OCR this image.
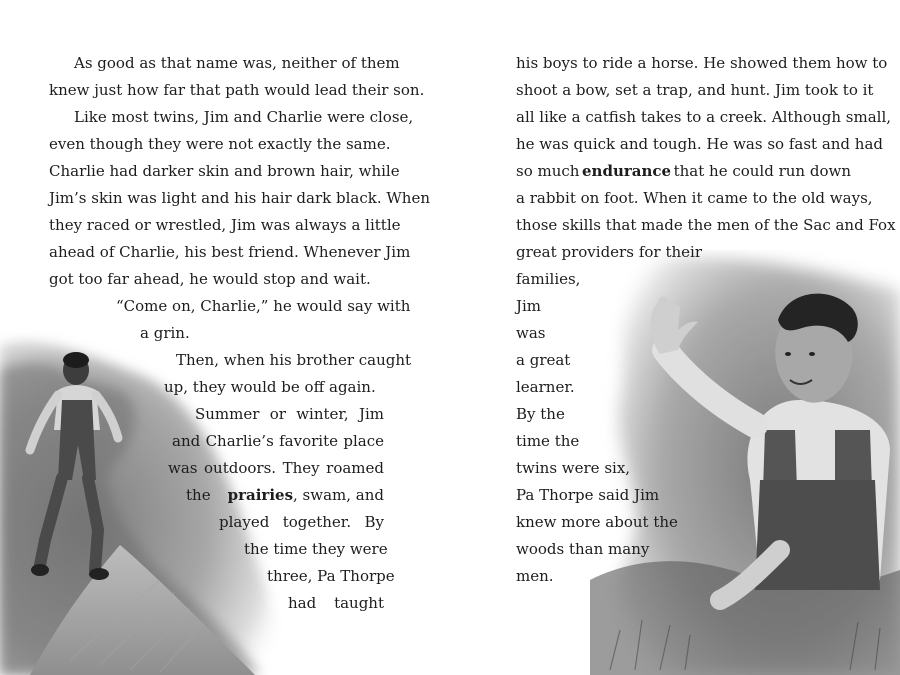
As good as that name was, neither of them
knew just how far that path would lead their son.
Like most twins, Jim and Charlie were close,
even though they were not exactly the same.
Charlie had darker skin and brown hair, while
Jim’s skin was light and his hair dark black. When
they raced or wrestled, Jim was always a little
ahead of Charlie, his best friend. Whenever Jim
got too far ahead, he would stop and wait.
“Come on, Charlie,” he would say with
a grin.
Then, when his brother caught
up, they would be off again.
Summer or winter, Jim
and Charlie’s favorite place
was outdoors. They roamed
the prairies, swam, and
played together. By
the time they were
three, Pa Thorpe
had taught
his boys to ride a horse. He showed them how to
shoot a bow, set a trap, and hunt. Jim took to it
all like a catfish takes to a creek. Although small,
he was quick and tough. He was so fast and had
so much endurance that he could run down
a rabbit on foot. When it came to the old ways,
those skills that made the men of the Sac and Fox
great providers for their
families,
Jim
was
a great
learner.
By the
time the
twins were six,
Pa Thorpe said Jim
knew more about the
woods than many
men.
